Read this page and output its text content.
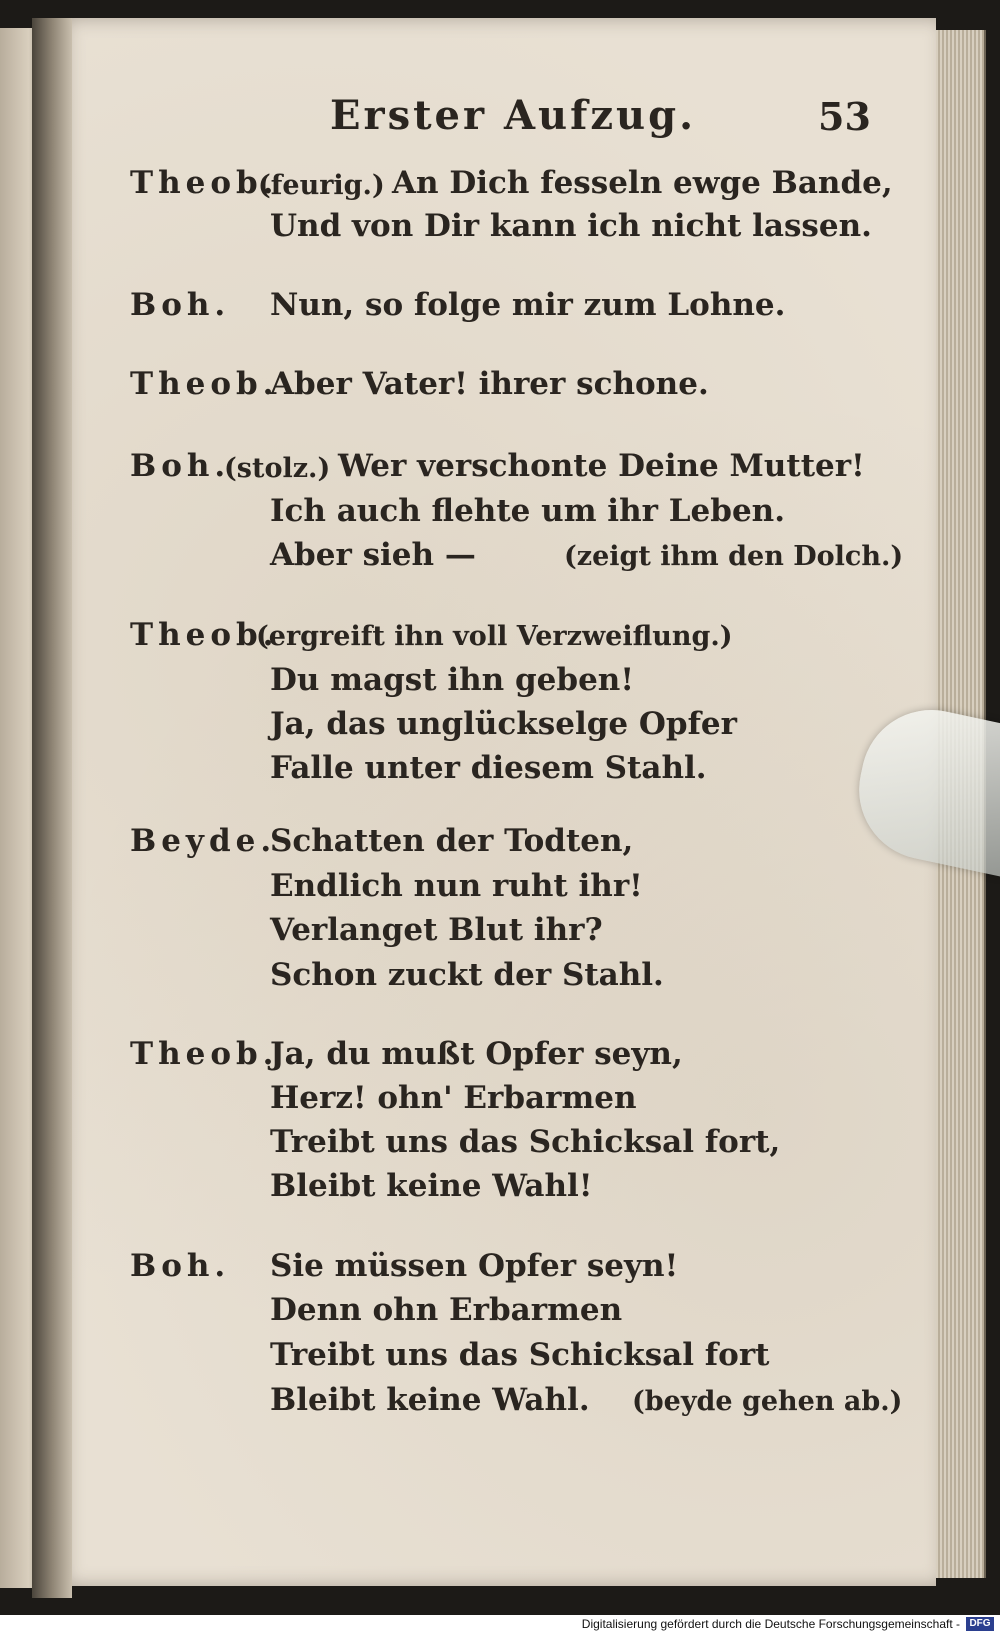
Erster Aufzug.	53
Theob.
(feurig.) An Dich fesseln ewge Bande,
Und von Dir kann ich nicht lassen.
Boh. Nun, so folge mir zum Lohne.
Theob.
Aber Vater! ihrer schone.
Boh.
(stolz.) Wer verschonte Deine Mutter!
Ich auch flehte um ihr Leben.
Aber sieh —	(zeigt ihm den Dolch.)
Theob.
(ergreift ihn voll Verzweiflung.)
Du magst ihn geben!
Ja, das unglückselge Opfer
Falle unter diesem Stahl.
Beyde.
Schatten der Todten,
Endlich nun ruht ihr!
Verlanget Blut ihr?
Schon zuckt der Stahl.
Theob.
Ja, du mußt Opfer seyn,
Herz! ohn' Erbarmen
Treibt uns das Schicksal fort,
Bleibt keine Wahl!
Boh. Sie müssen Opfer seyn!
Denn ohn Erbarmen
Treibt uns das Schicksal fort
Bleibt keine Wahl. (beyde gehen ab.)
Digitalisierung gefördert durch die Deutsche Forschungsgemeinschaft - DFG
